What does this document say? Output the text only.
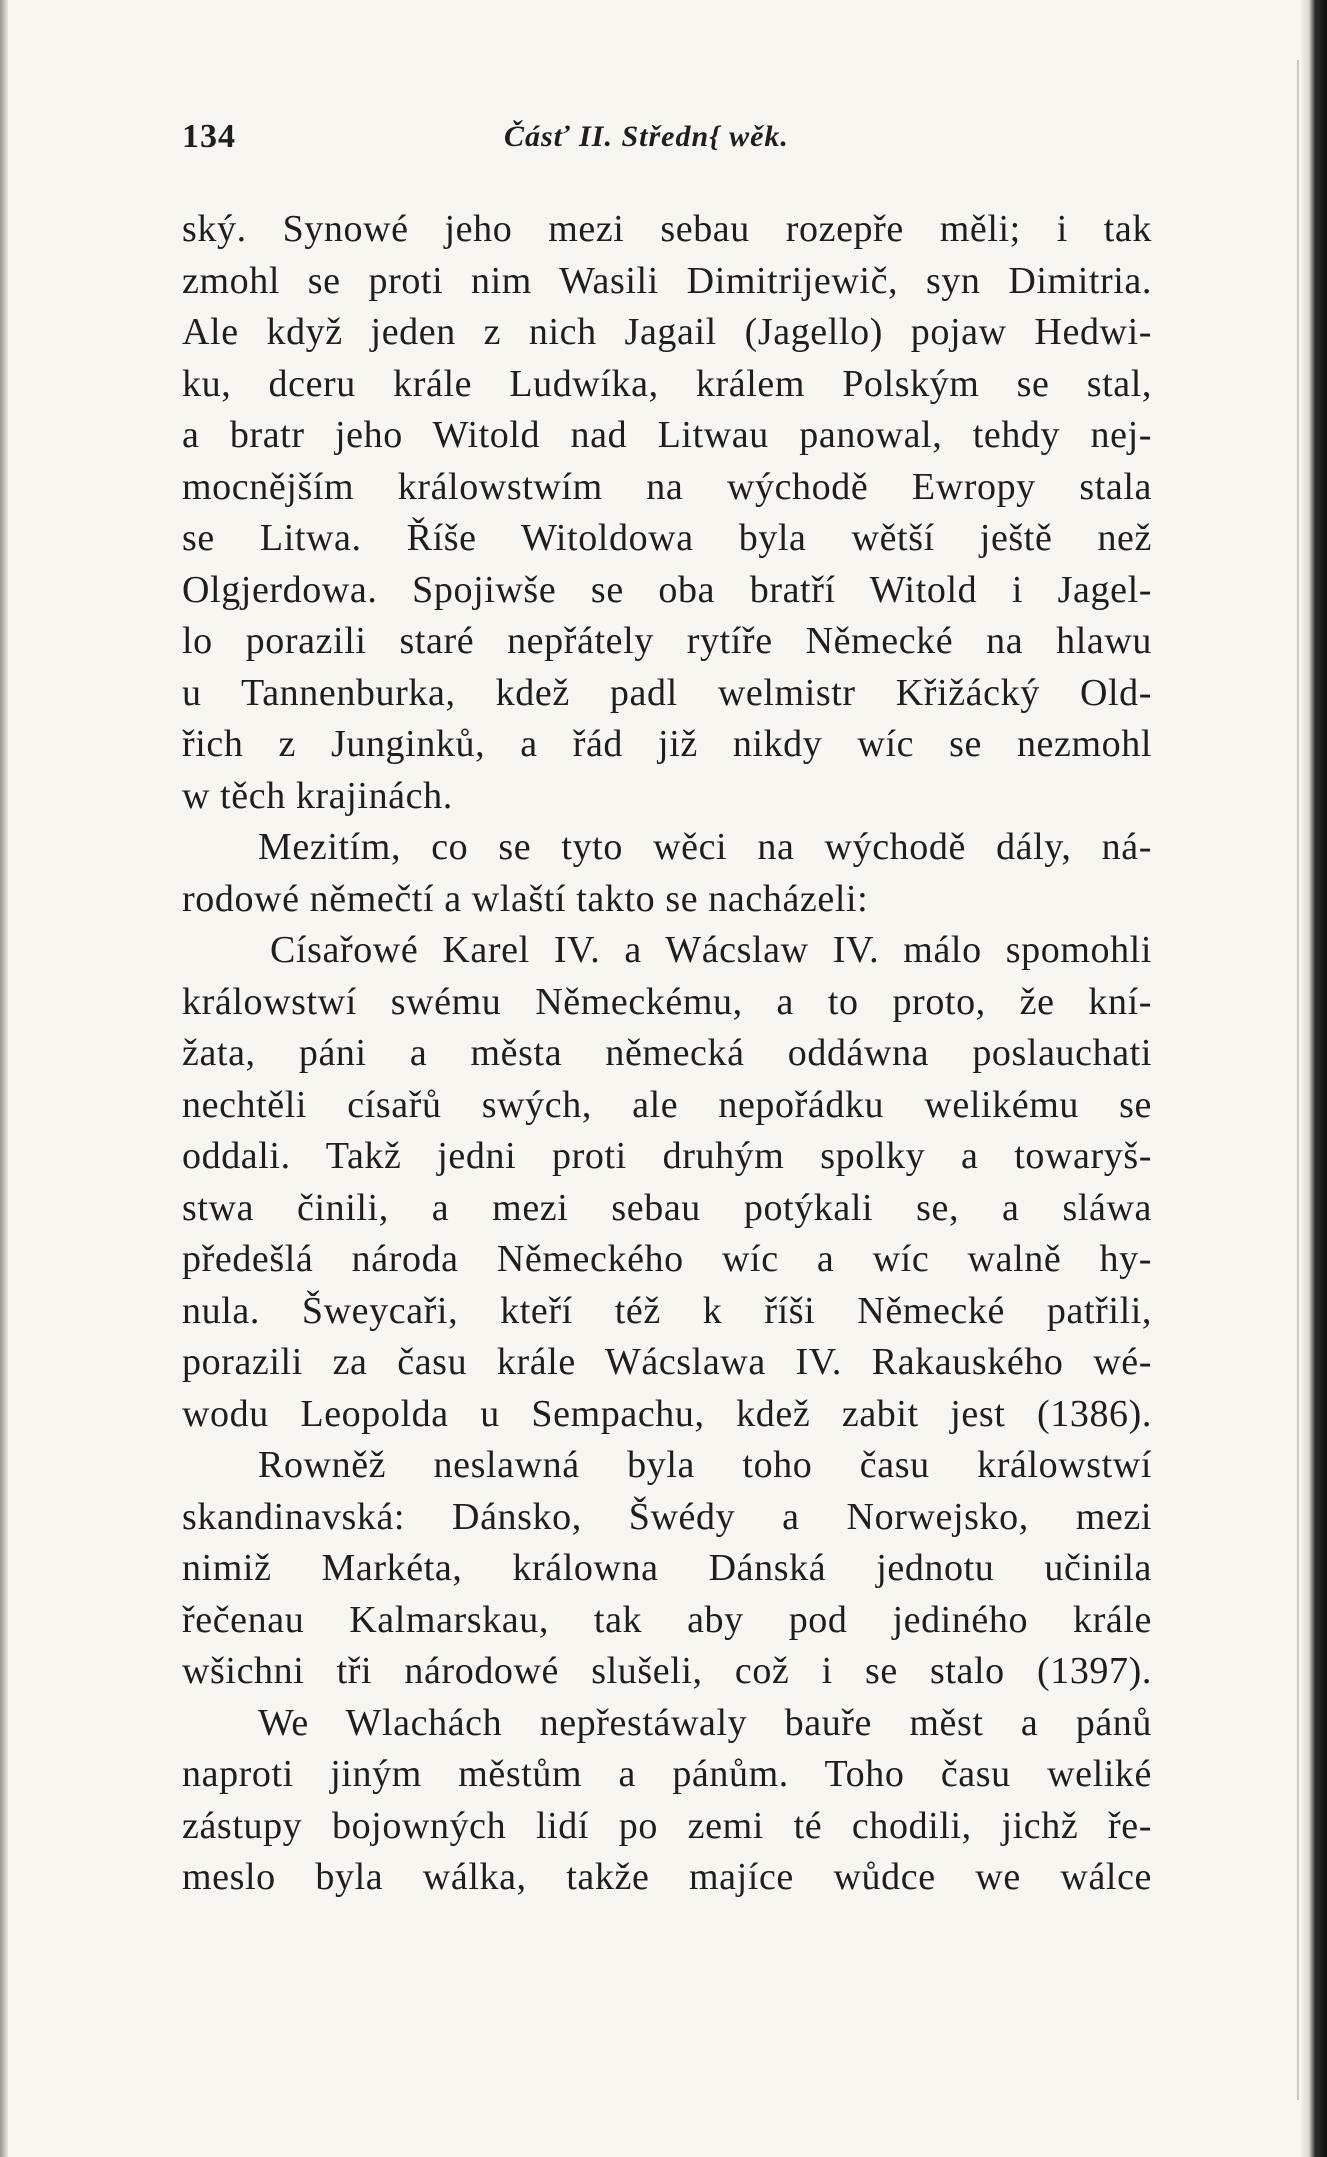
134	Čásť II. Středn{ wěk.
ský. Synowé jeho mezi sebau rozepře měli; i tak
zmohl se proti nim Wasili Dimitrijewič, syn Dimitria.
Ale když jeden z nich Jagail (Jagello) pojaw Hedwi-
ku, dceru krále Ludwíka, králem Polským se stal,
a bratr jeho Witold nad Litwau panowal, tehdy nej-
mocnějším králowstwím na wýchodě Ewropy stala
se Litwa. Říše Witoldowa byla wětší ještě než
Olgjerdowa. Spojiwše se oba bratří Witold i Jagel-
lo porazili staré nepřátely rytíře Německé na hlawu
u Tannenburka, kdež padl welmistr Křižácký Old-
řich z Junginků, a řád již nikdy wíc se nezmohl
w těch krajinách.
Mezitím, co se tyto wěci na wýchodě dály, ná-
rodowé němečtí a wlaští takto se nacházeli:
Císařowé Karel IV. a Wácslaw IV. málo spomohli
králowstwí swému Německému, a to proto, že kní-
žata, páni a města německá oddáwna poslauchati
nechtěli císařů swých, ale nepořádku welikému se
oddali. Takž jedni proti druhým spolky a towaryš-
stwa činili, a mezi sebau potýkali se, a sláwa
předešlá národa Německého wíc a wíc walně hy-
nula. Šweycaři, kteří též k říši Německé patřili,
porazili za času krále Wácslawa IV. Rakauského wé-
wodu Leopolda u Sempachu, kdež zabit jest (1386).
Rowněž neslawná byla toho času králowstwí
skandinavská: Dánsko, Šwédy a Norwejsko, mezi
nimiž Markéta, králowna Dánská jednotu učinila
řečenau Kalmarskau, tak aby pod jediného krále
wšichni tři národowé slušeli, což i se stalo (1397).
We Wlachách nepřestáwaly bauře měst a pánů
naproti jiným městům a pánům. Toho času weliké
zástupy bojowných lidí po zemi té chodili, jichž ře-
meslo byla wálka, takže majíce wůdce we wálce
